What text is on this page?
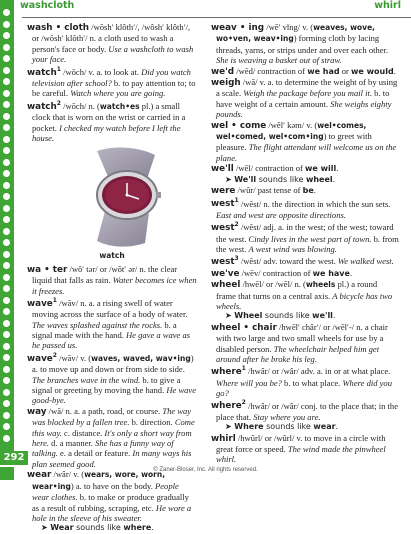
washcloth	whirl

wash • cloth /wŏsh′ klôth′/, /wôsh′ klôth′/, or /wŏsh′ klŏth′/ n. a cloth used to wash a person's face or body. Use a washcloth to wash your face.

watch$^1$ /wŏch/ v. a. to look at. Did you watch television after school? b. to pay attention to; to be careful. Watch where you are going.

watch$^2$ /wŏch/ n. (watch•es pl.) a small clock that is worn on the wrist or carried in a pocket. I checked my watch before I left the house.

watch

wa • ter /wô′ tər/ or /wŏt′ ər/ n. the clear liquid that falls as rain. Water becomes ice when it freezes.

wave$^1$ /wāv/ n. a. a rising swell of water moving across the surface of a body of water. The waves splashed against the rocks. b. a signal made with the hand. He gave a wave as he passed us.

wave$^2$ /wāv/ v. (waves, waved, wav•ing) a. to move up and down or from side to side. The branches wave in the wind. b. to give a signal or greeting by moving the hand. He wave good-bye.

way /wā/ n. a. a path, road, or course. The way was blocked by a fallen tree. b. direction. Come this way. c. distance. It's only a short way from here. d. a manner. She has a funny way of talking. e. a detail or feature. In many ways his plan seemed good.

wear /wâr/ v. (wears, wore, worn, wear•ing) a. to have on the body. People wear clothes. b. to make or produce gradually as a result of rubbing, scraping, etc. He wore a hole in the sleeve of his sweater.

➤ Wear sounds like where.

weav • ing /wē′ vĭng/ v. (weaves, wove, wo•ven, weav•ing) forming cloth by lacing threads, yarns, or strips under and over each other. She is weaving a basket out of straw.

we'd /wēd/ contraction of we had or we would.

weigh /wā/ v. a. to determine the weight of by using a scale. Weigh the package before you mail it. b. to have weight of a certain amount. She weighs eighty pounds.

wel • come /wĕl′ kəm/ v. (wel•comes, wel•comed, wel•com•ing) to greet with pleasure. The flight attendant will welcome us on the plane.

we'll /wēl/ contraction of we will.

➤ We'll sounds like wheel.

were /wûr/ past tense of be.

west$^1$ /wĕst/ n. the direction in which the sun sets. East and west are opposite directions.

west$^2$ /wĕst/ adj. a. in the west; of the west; toward the west. Cindy lives in the west part of town. b. from the west. A west wind was blowing.

west$^3$ /wĕst/ adv. toward the west. We walked west.

we've /wēv/ contraction of we have.

wheel /hwēl/ or /wēl/ n. (wheels pl.) a round frame that turns on a central axis. A bicycle has two wheels.

➤ Wheel sounds like we'll.

wheel • chair /hwēl′ châr′/ or /wēl′-/ n. a chair with two large and two small wheels for use by a disabled person. The wheelchair helped him get around after he broke his leg.

where$^1$ /hwâr/ or /wâr/ adv. a. in or at what place. Where will you be? b. to what place. Where did you go?

where$^2$ /hwâr/ or /wâr/ conj. to the place that; in the place that. Stay where you are.

➤ Where sounds like wear.

whirl /hwûrl/ or /wûrl/ v. to move in a circle with great force or speed. The wind made the pinwheel whirl.

292
© Zaner-Bloser, Inc. All rights reserved.
